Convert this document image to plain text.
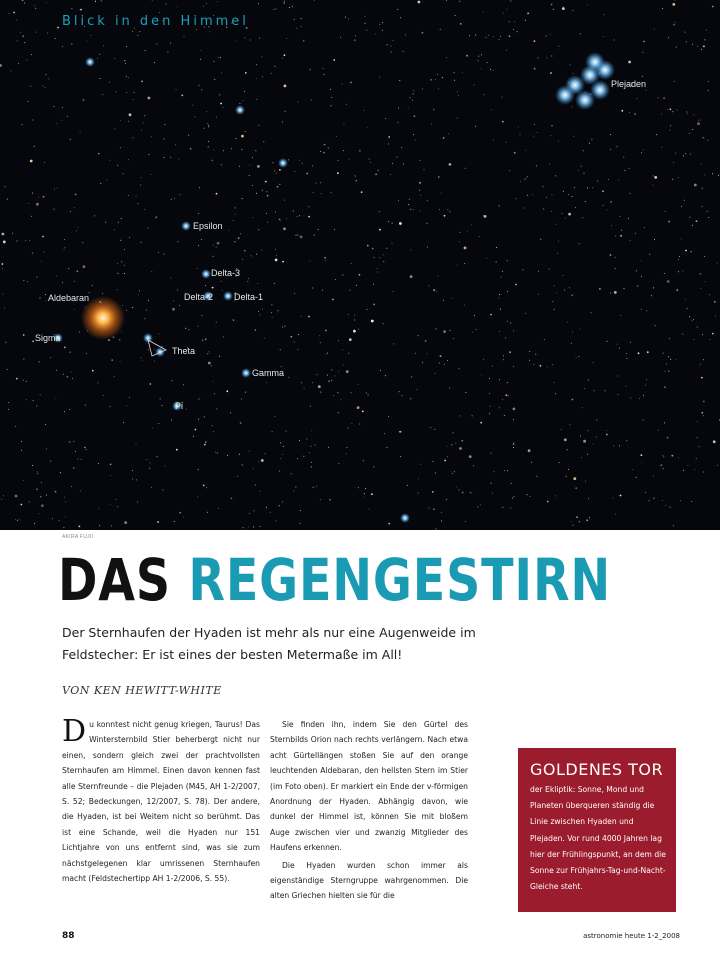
Blick in den Himmel
Plejaden
Epsilon
Delta-3
Delta-2 Delta-1
Aldebaran
Sigma
Theta
Gamma
Pi
AKIRA FUJII
DAS REGENGESTIRN
Der Sternhaufen der Hyaden ist mehr als nur eine Augenweide im Feldstecher: Er ist eines der besten Metermaße im All!
VON KEN HEWITT-WHITE

Du konntest nicht genug kriegen, Taurus! Das Wintersternbild Stier beherbergt nicht nur einen, sondern gleich zwei der prachtvollsten Sternhaufen am Himmel. Einen davon kennen fast alle Sternfreunde – die Plejaden (M45, AH 1-2/2007, S. 52; Bedeckungen, 12/2007, S. 78). Der andere, die Hyaden, ist bei Weitem nicht so berühmt. Das ist eine Schande, weil die Hyaden nur 151 Lichtjahre von uns entfernt sind, was sie zum nächstgelegenen klar umrissenen Sternhaufen macht (Feldstechertipp AH 1-2/2006, S. 55).

Sie finden ihn, indem Sie den Gürtel des Sternbilds Orion nach rechts verlängern. Nach etwa acht Gürtellängen stoßen Sie auf den orange leuchtenden Aldebaran, den hellsten Stern im Stier (im Foto oben). Er markiert ein Ende der v-förmigen Anordnung der Hyaden. Abhängig davon, wie dunkel der Himmel ist, können Sie mit bloßem Auge zwischen vier und zwanzig Mitglieder des Haufens erkennen.

Die Hyaden wurden schon immer als eigenständige Sterngruppe wahrgenommen. Die alten Griechen hielten sie für die

GOLDENES TOR
der Ekliptik: Sonne, Mond und Planeten überqueren ständig die Linie zwischen Hyaden und Plejaden. Vor rund 4000 Jahren lag hier der Frühlingspunkt, an dem die Sonne zur Frühjahrs-Tag-und-Nacht-Gleiche steht.
88	astronomie heute 1-2_2008
